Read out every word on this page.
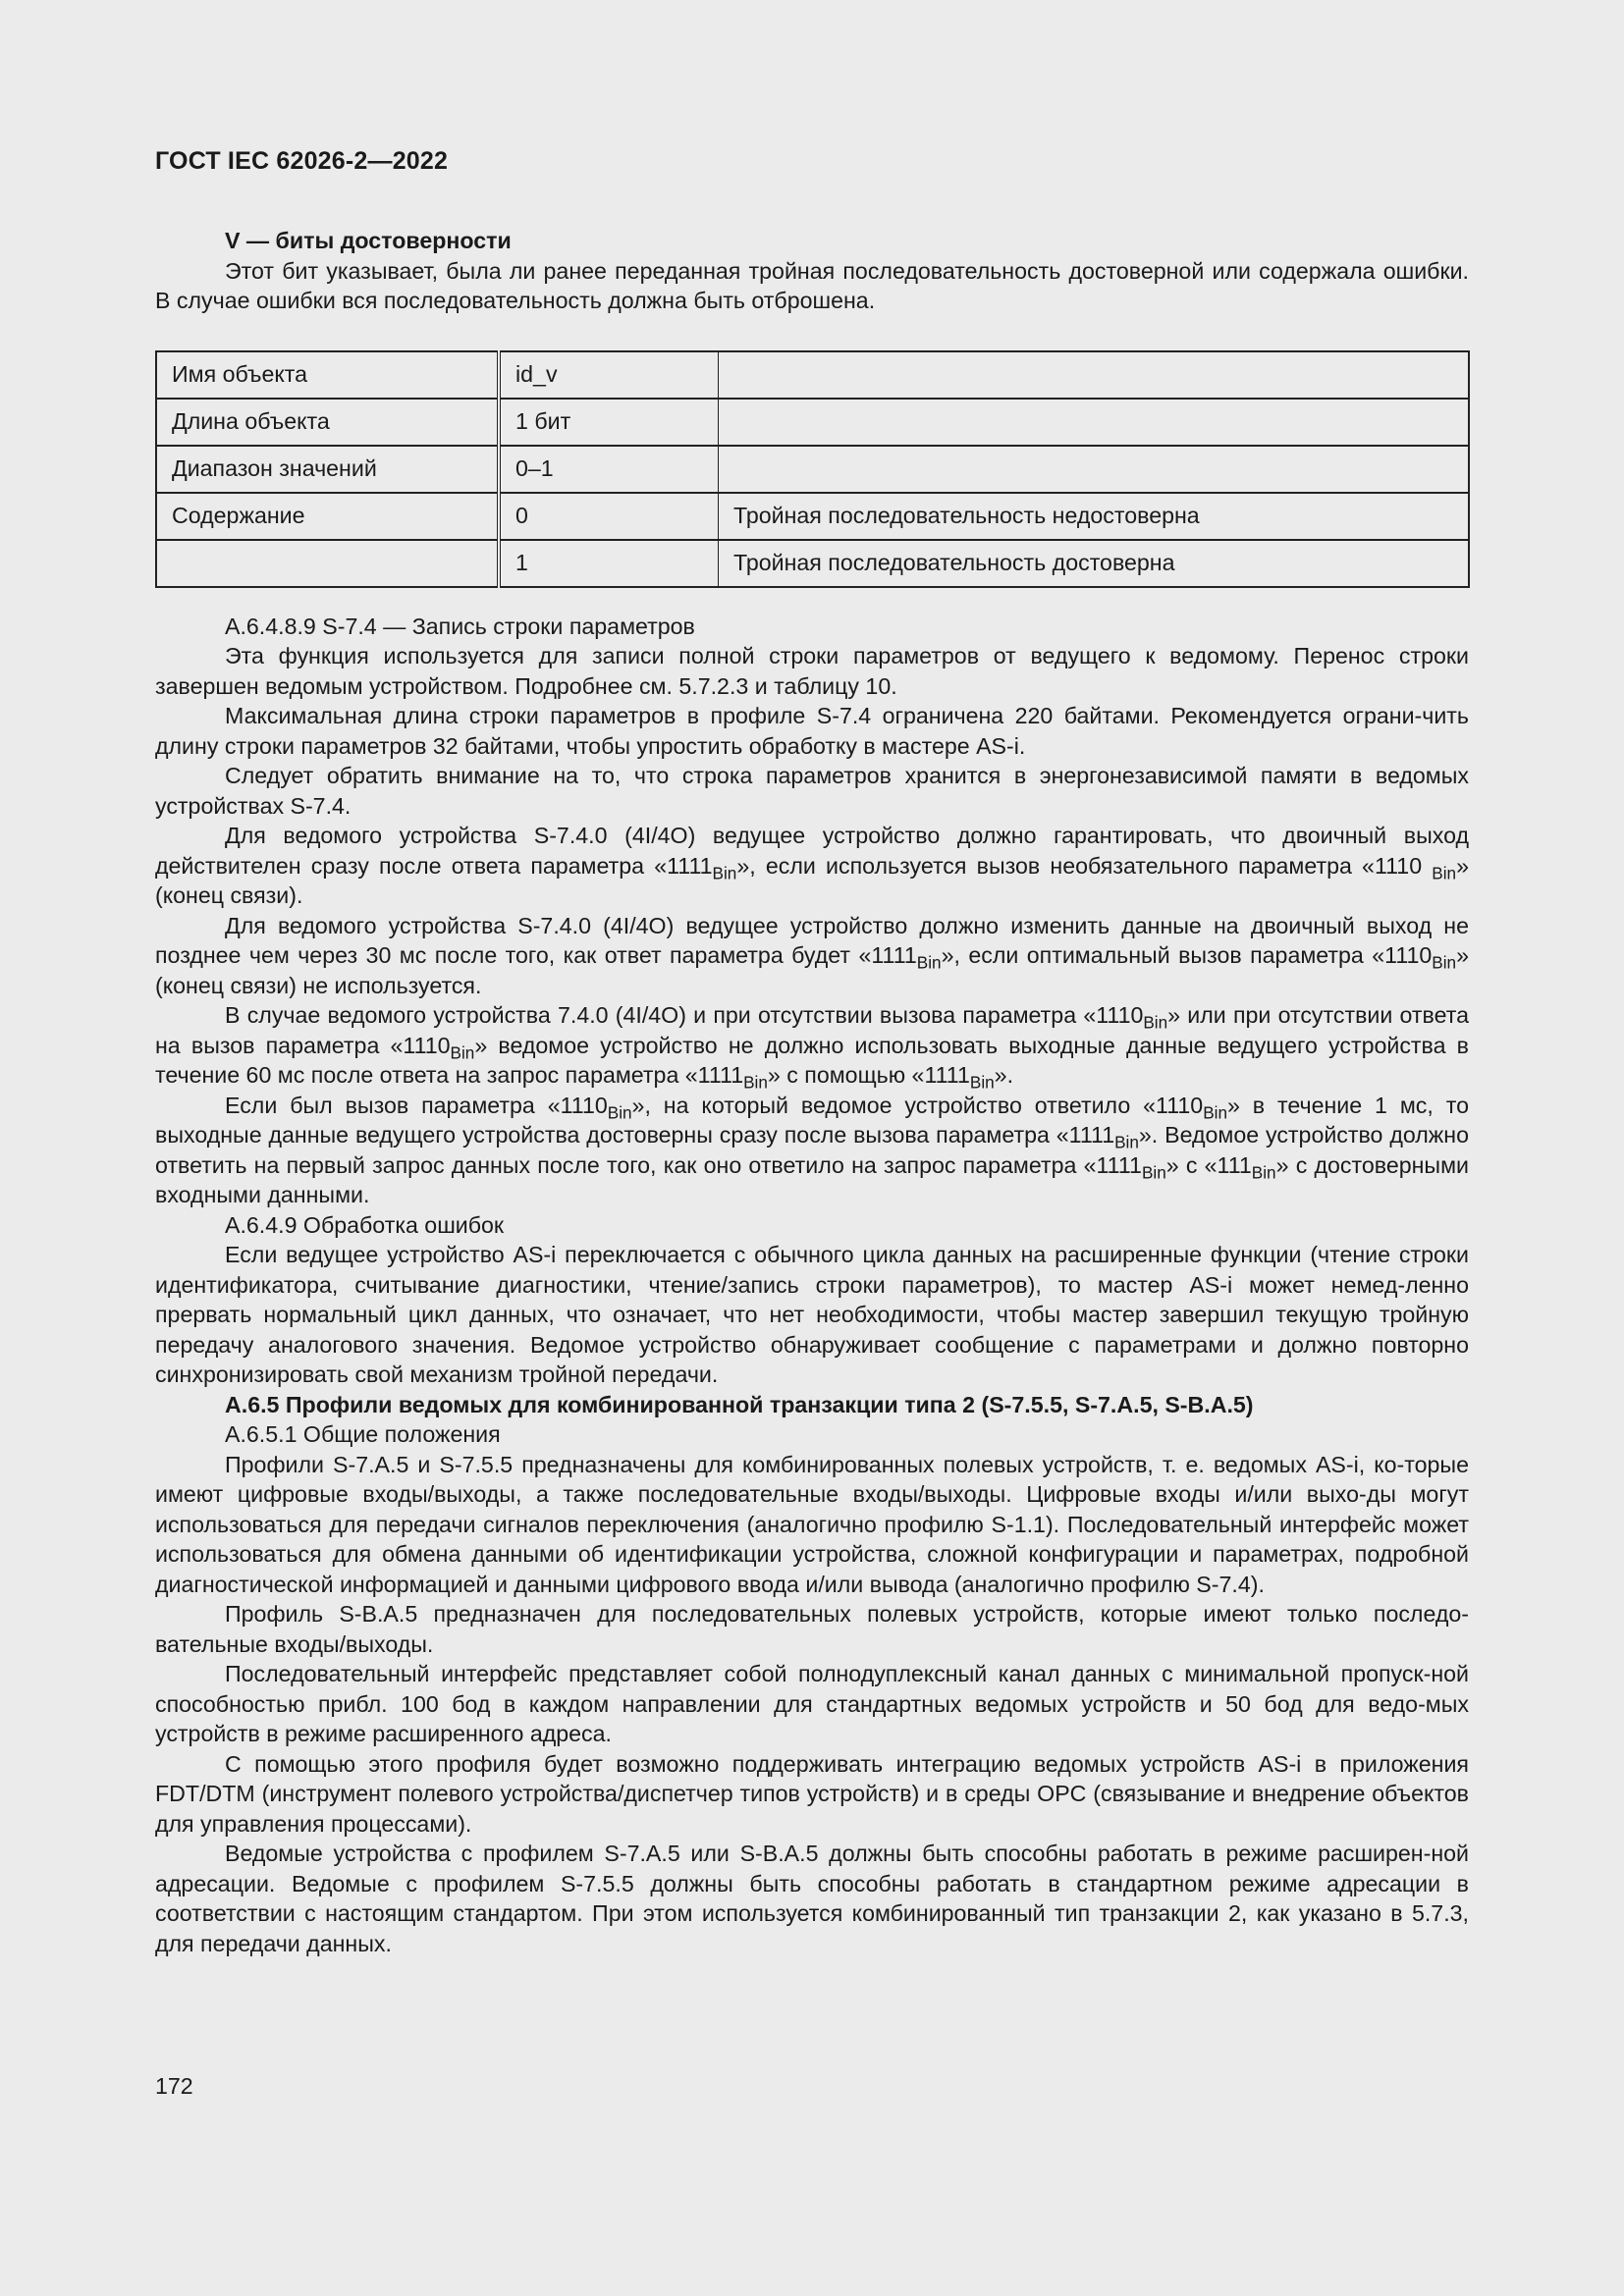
ГОСТ IEC 62026-2—2022

V — биты достоверности

Этот бит указывает, была ли ранее переданная тройная последовательность достоверной или содержала ошибки. В случае ошибки вся последовательность должна быть отброшена.

Имя объекта	id_v	
Длина объекта	1 бит	
Диапазон значений	0–1	
Содержание	0	Тройная последовательность недостоверна
	1	Тройная последовательность достоверна

А.6.4.8.9 S-7.4 — Запись строки параметров

Эта функция используется для записи полной строки параметров от ведущего к ведомому. Перенос строки завершен ведомым устройством. Подробнее см. 5.7.2.3 и таблицу 10.

Максимальная длина строки параметров в профиле S-7.4 ограничена 220 байтами. Рекомендуется ограни-чить длину строки параметров 32 байтами, чтобы упростить обработку в мастере AS-i.

Следует обратить внимание на то, что строка параметров хранится в энергонезависимой памяти в ведомых устройствах S-7.4.

Для ведомого устройства S-7.4.0 (4I/4O) ведущее устройство должно гарантировать, что двоичный выход действителен сразу после ответа параметра «$1111_{Bin}$», если используется вызов необязательного параметра «1110 $_{Bin}$» (конец связи).

Для ведомого устройства S-7.4.0 (4I/4O) ведущее устройство должно изменить данные на двоичный выход не позднее чем через 30 мс после того, как ответ параметра будет «$1111_{Bin}$», если оптимальный вызов параметра «$1110_{Bin}$» (конец связи) не используется.

В случае ведомого устройства 7.4.0 (4I/4O) и при отсутствии вызова параметра «$1110_{Bin}$» или при отсутствии ответа на вызов параметра «$1110_{Bin}$» ведомое устройство не должно использовать выходные данные ведущего устройства в течение 60 мс после ответа на запрос параметра «$1111_{Bin}$» с помощью «$1111_{Bin}$».

Если был вызов параметра «$1110_{Bin}$», на который ведомое устройство ответило «$1110_{Bin}$» в течение 1 мс, то выходные данные ведущего устройства достоверны сразу после вызова параметра «$1111_{Bin}$». Ведомое устройство должно ответить на первый запрос данных после того, как оно ответило на запрос параметра «$1111_{Bin}$» с «$111_{Bin}$» с достоверными входными данными.

А.6.4.9 Обработка ошибок

Если ведущее устройство AS-i переключается с обычного цикла данных на расширенные функции (чтение строки идентификатора, считывание диагностики, чтение/запись строки параметров), то мастер AS-i может немед-ленно прервать нормальный цикл данных, что означает, что нет необходимости, чтобы мастер завершил текущую тройную передачу аналогового значения. Ведомое устройство обнаруживает сообщение с параметрами и должно повторно синхронизировать свой механизм тройной передачи.

А.6.5 Профили ведомых для комбинированной транзакции типа 2 (S-7.5.5, S-7.A.5, S-B.A.5)

А.6.5.1 Общие положения

Профили S-7.A.5 и S-7.5.5 предназначены для комбинированных полевых устройств, т. е. ведомых AS-i, ко-торые имеют цифровые входы/выходы, а также последовательные входы/выходы. Цифровые входы и/или выхо-ды могут использоваться для передачи сигналов переключения (аналогично профилю S-1.1). Последовательный интерфейс может использоваться для обмена данными об идентификации устройства, сложной конфигурации и параметрах, подробной диагностической информацией и данными цифрового ввода и/или вывода (аналогично профилю S-7.4).

Профиль S-B.A.5 предназначен для последовательных полевых устройств, которые имеют только последо-вательные входы/выходы.

Последовательный интерфейс представляет собой полнодуплексный канал данных с минимальной пропуск-ной способностью прибл. 100 бод в каждом направлении для стандартных ведомых устройств и 50 бод для ведо-мых устройств в режиме расширенного адреса.

С помощью этого профиля будет возможно поддерживать интеграцию ведомых устройств AS-i в приложения FDT/DTM (инструмент полевого устройства/диспетчер типов устройств) и в среды OPC (связывание и внедрение объектов для управления процессами).

Ведомые устройства с профилем S-7.A.5 или S-B.A.5 должны быть способны работать в режиме расширен-ной адресации. Ведомые с профилем S-7.5.5 должны быть способны работать в стандартном режиме адресации в соответствии с настоящим стандартом. При этом используется комбинированный тип транзакции 2, как указано в 5.7.3, для передачи данных.

172
